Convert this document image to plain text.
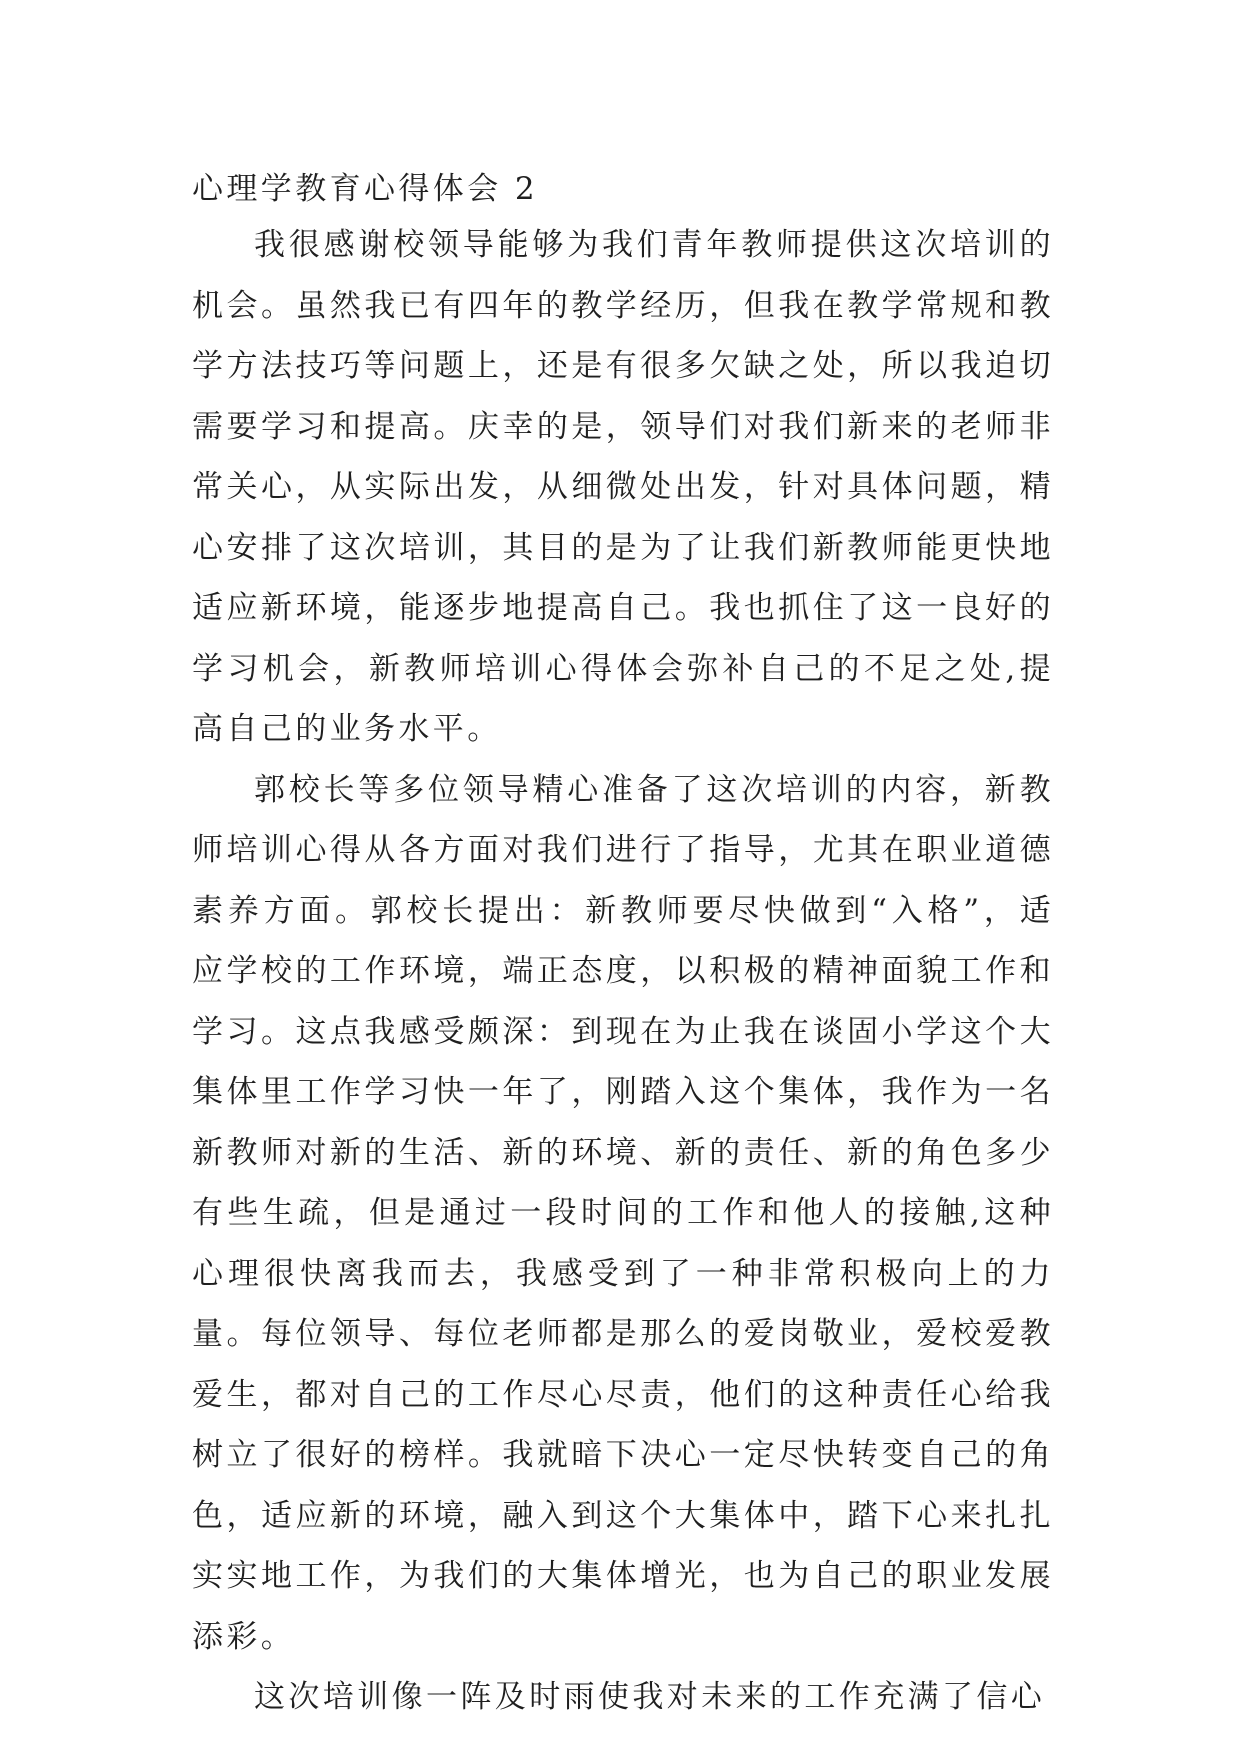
心理学教育心得体会 2

我很感谢校领导能够为我们青年教师提供这次培训的机会。虽然我已有四年的教学经历，但我在教学常规和教学方法技巧等问题上，还是有很多欠缺之处，所以我迫切需要学习和提高。庆幸的是，领导们对我们新来的老师非常关心，从实际出发，从细微处出发，针对具体问题，精心安排了这次培训，其目的是为了让我们新教师能更快地适应新环境，能逐步地提高自己。我也抓住了这一良好的学习机会，新教师培训心得体会弥补自己的不足之处,提高自己的业务水平。

郭校长等多位领导精心准备了这次培训的内容，新教师培训心得从各方面对我们进行了指导，尤其在职业道德素养方面。郭校长提出：新教师要尽快做到“入格”，适应学校的工作环境，端正态度，以积极的精神面貌工作和学习。这点我感受颇深：到现在为止我在谈固小学这个大集体里工作学习快一年了，刚踏入这个集体，我作为一名新教师对新的生活、新的环境、新的责任、新的角色多少有些生疏，但是通过一段时间的工作和他人的接触,这种心理很快离我而去，我感受到了一种非常积极向上的力量。每位领导、每位老师都是那么的爱岗敬业，爱校爱教爱生，都对自己的工作尽心尽责，他们的这种责任心给我树立了很好的榜样。我就暗下决心一定尽快转变自己的角色，适应新的环境，融入到这个大集体中，踏下心来扎扎实实地工作，为我们的大集体增光，也为自己的职业发展添彩。

这次培训像一阵及时雨使我对未来的工作充满了信心
